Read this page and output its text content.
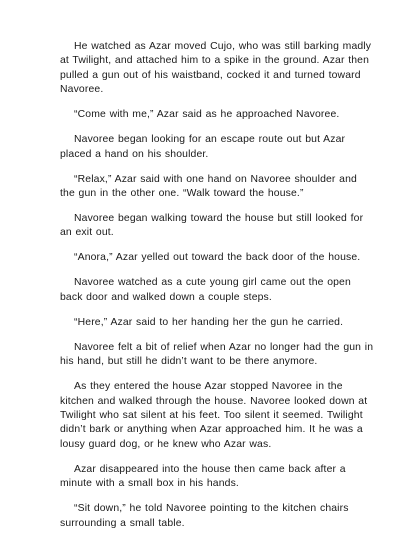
He watched as Azar moved Cujo, who was still barking madly at Twilight, and attached him to a spike in the ground. Azar then pulled a gun out of his waistband, cocked it and turned toward Navoree.

“Come with me,” Azar said as he approached Navoree.

Navoree began looking for an escape route out but Azar placed a hand on his shoulder.

“Relax,” Azar said with one hand on Navoree shoulder and the gun in the other one. “Walk toward the house.”

Navoree began walking toward the house but still looked for an exit out.

“Anora,” Azar yelled out toward the back door of the house.

Navoree watched as a cute young girl came out the open back door and walked down a couple steps.

“Here,” Azar said to her handing her the gun he carried.

Navoree felt a bit of relief when Azar no longer had the gun in his hand, but still he didn’t want to be there anymore.

As they entered the house Azar stopped Navoree in the kitchen and walked through the house. Navoree looked down at Twilight who sat silent at his feet. Too silent it seemed. Twilight didn’t bark or anything when Azar approached him. It he was a lousy guard dog, or he knew who Azar was.

Azar disappeared into the house then came back after a minute with a small box in his hands.

“Sit down,” he told Navoree pointing to the kitchen chairs surrounding a small table.
